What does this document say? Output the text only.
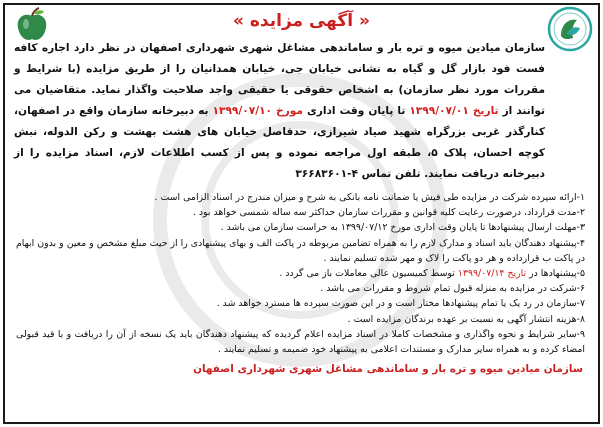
« آگهی مزایده »
سازمان میادین میوه و تره بار و ساماندهی مشاغل شهری شهرداری اصفهان در نظر دارد اجاره کافه فست فود بازار گل و گیاه به نشانی خیابان جی، خیابان همدانیان را از طریق مزایده (با شرایط و مقررات مورد نظر سازمان) به اشخاص حقوقی یا حقیقی واجد صلاحیت واگذار نماید. متقاضیان می توانند از تاریخ ۱۳۹۹/۰۷/۰۱ تا پایان وقت اداری مورخ ۱۳۹۹/۰۷/۱۰ به دبیرخانه سازمان واقع در اصفهان، کنارگذر غربی بزرگراه شهید صیاد شیرازی، حدفاصل خیابان های هشت بهشت و رکن الدوله، نبش کوچه احسان، پلاک ۵، طبقه اول مراجعه نموده و پس از کسب اطلاعات لازم، اسناد مزایده را از دبیرخانه دریافت نمایند. تلفن تماس ۴-۳۶۶۸۳۶۰۱

۱-ارائه سپرده شرکت در مزایده طی فیش یا ضمانت نامه بانکی به شرح و میزان مندرج در اسناد الزامی است .

۲-مدت قرارداد، درصورت رعایت کلیه قوانین و مقررات سازمان حداکثر سه ساله شمسی خواهد بود .

۳-مهلت ارسال پیشنهادها تا پایان وقت اداری مورخ ۱۳۹۹/۰۷/۱۲ به حراست سازمان می باشد .

۴-پیشنهاد دهندگان باید اسناد و مدارک لازم را به همراه تضامین مربوطه در پاکت الف و بهای پیشنهادی را از حیث مبلغ مشخص و معین و بدون ابهام در پاکت ب قرارداده و هر دو پاکت را لاک و مهر شده تسلیم نمایند .

۵-پیشنهادها در تاریخ ۱۳۹۹/۰۷/۱۴ توسط کمیسیون عالی معاملات باز می گردد .

۶-شرکت در مزایده به منزله قبول تمام شروط و مقررات می باشد .

۷-سازمان در رد یک یا تمام پیشنهادها مختار است و در این صورت سپرده ها مسترد خواهد شد .

۸-هزینه انتشار آگهی به نسبت بر عهده برندگان مزایده است .

۹-سایر شرایط و نحوه واگذاری و مشخصات کاملا در اسناد مزایده اعلام گردیده که پیشنهاد دهندگان باید یک نسخه از آن را دریافت و با قید قبولی امضاء کرده و به همراه سایر مدارک و مستندات اعلامی به پیشنهاد خود ضمیمه و تسلیم نمایند .

سازمان میادین میوه و تره بار و ساماندهی مشاغل شهری شهرداری اصفهان
